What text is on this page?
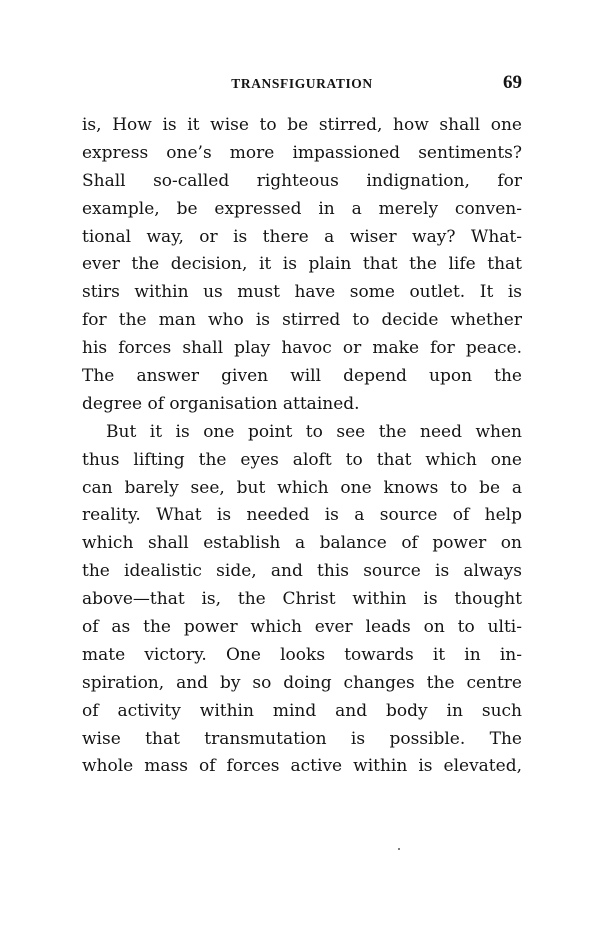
TRANSFIGURATION	69
is, How is it wise to be stirred, how shall one
express one’s more impassioned sentiments?
Shall so-called righteous indignation, for
example, be expressed in a merely conven-
tional way, or is there a wiser way? What-
ever the decision, it is plain that the life that
stirs within us must have some outlet. It is
for the man who is stirred to decide whether
his forces shall play havoc or make for peace.
The answer given will depend upon the
degree of organisation attained.
But it is one point to see the need when
thus lifting the eyes aloft to that which one
can barely see, but which one knows to be a
reality. What is needed is a source of help
which shall establish a balance of power on
the idealistic side, and this source is always
above—that is, the Christ within is thought
of as the power which ever leads on to ulti-
mate victory. One looks towards it in in-
spiration, and by so doing changes the centre
of activity within mind and body in such
wise that transmutation is possible. The
whole mass of forces active within is elevated,
